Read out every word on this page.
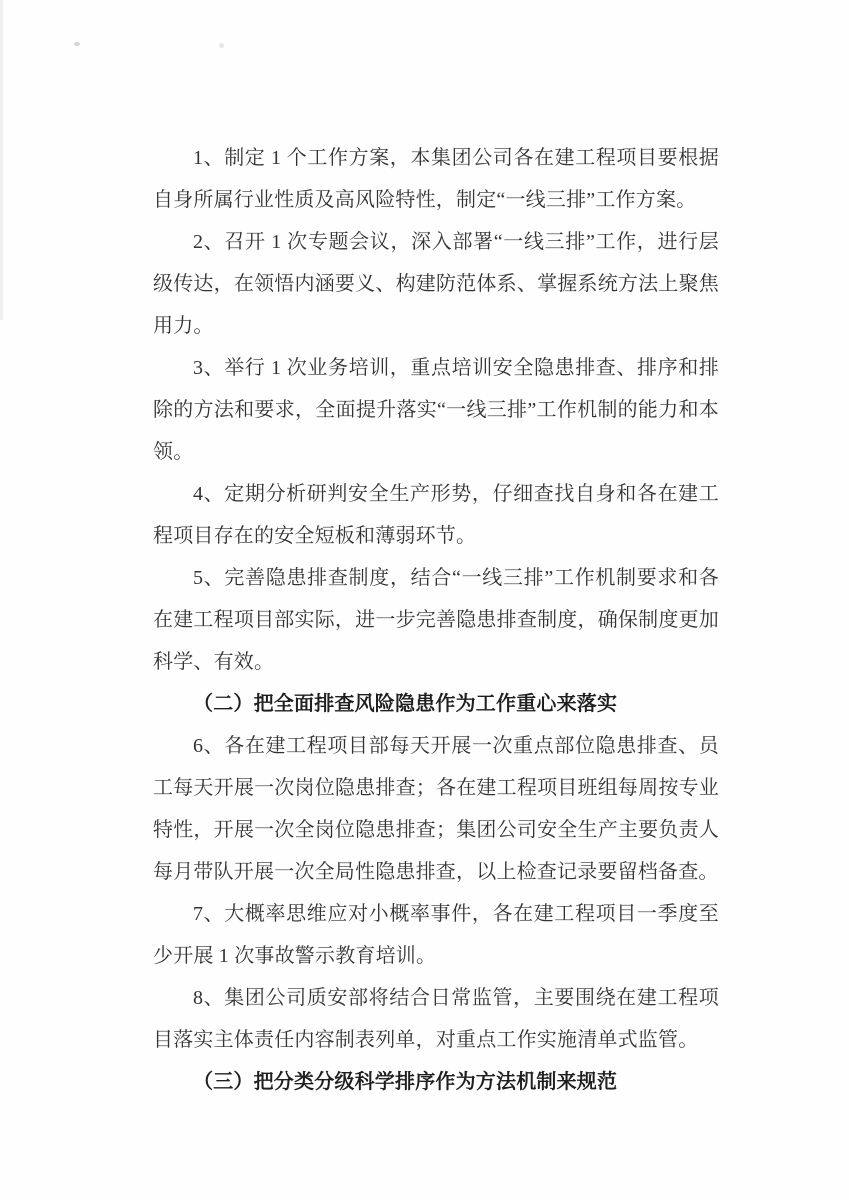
1、制定 1 个工作方案，本集团公司各在建工程项目要根据自身所属行业性质及高风险特性，制定“一线三排”工作方案。

2、召开 1 次专题会议，深入部署“一线三排”工作，进行层级传达，在领悟内涵要义、构建防范体系、掌握系统方法上聚焦用力。

3、举行 1 次业务培训，重点培训安全隐患排查、排序和排除的方法和要求，全面提升落实“一线三排”工作机制的能力和本领。

4、定期分析研判安全生产形势，仔细查找自身和各在建工程项目存在的安全短板和薄弱环节。

5、完善隐患排查制度，结合“一线三排”工作机制要求和各在建工程项目部实际，进一步完善隐患排查制度，确保制度更加科学、有效。

（二）把全面排查风险隐患作为工作重心来落实

6、各在建工程项目部每天开展一次重点部位隐患排查、员工每天开展一次岗位隐患排查；各在建工程项目班组每周按专业特性，开展一次全岗位隐患排查；集团公司安全生产主要负责人每月带队开展一次全局性隐患排查，以上检查记录要留档备查。

7、大概率思维应对小概率事件，各在建工程项目一季度至少开展 1 次事故警示教育培训。

8、集团公司质安部将结合日常监管，主要围绕在建工程项目落实主体责任内容制表列单，对重点工作实施清单式监管。

（三）把分类分级科学排序作为方法机制来规范
